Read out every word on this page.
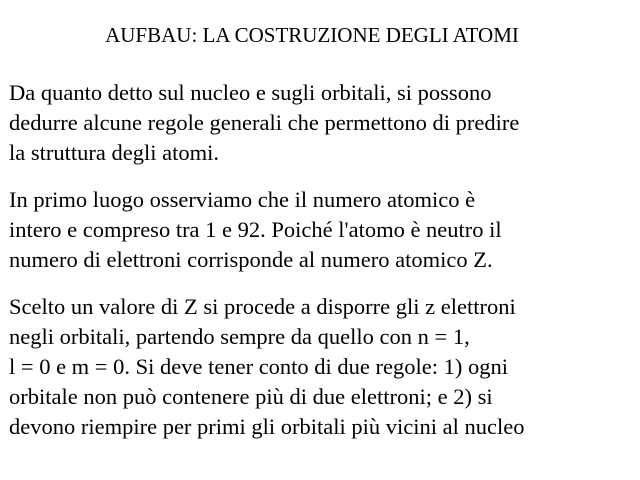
AUFBAU: LA COSTRUZIONE DEGLI ATOMI
Da quanto detto sul nucleo e sugli orbitali, si possono
dedurre alcune regole generali che permettono di predire
la struttura degli atomi.
In primo luogo osserviamo che il numero atomico è
intero e compreso tra 1 e 92. Poiché l'atomo è neutro il
numero di elettroni corrisponde al numero atomico Z.
Scelto un valore di Z si procede a disporre gli z elettroni
negli orbitali, partendo sempre da quello con n = 1,
l = 0 e m = 0. Si deve tener conto di due regole: 1) ogni
orbitale non può contenere più di due elettroni; e 2) si
devono riempire per primi gli orbitali più vicini al nucleo
